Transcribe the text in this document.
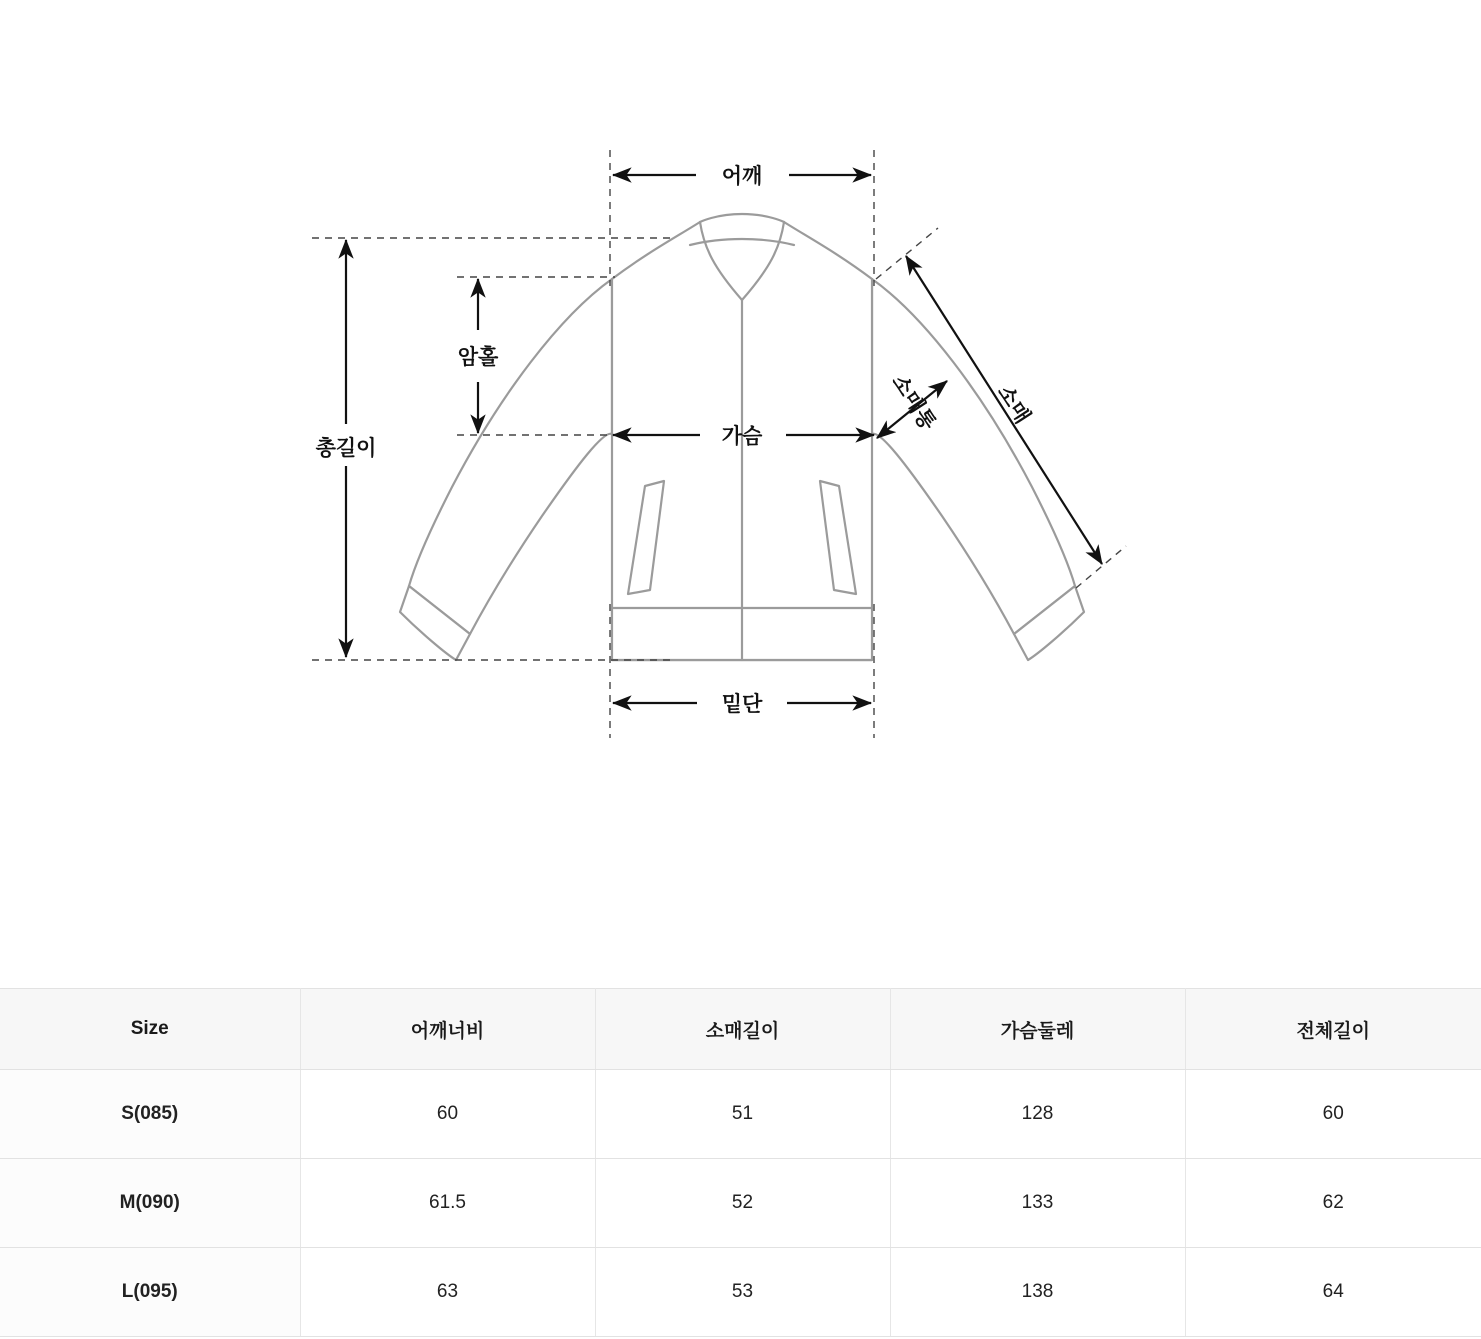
어깨
가슴
밑단
총길이
암홀
소매
소매통
Size	어깨너비	소매길이	가슴둘레	전체길이
S(085)	60	51	128	60
M(090)	61.5	52	133	62
L(095)	63	53	138	64
